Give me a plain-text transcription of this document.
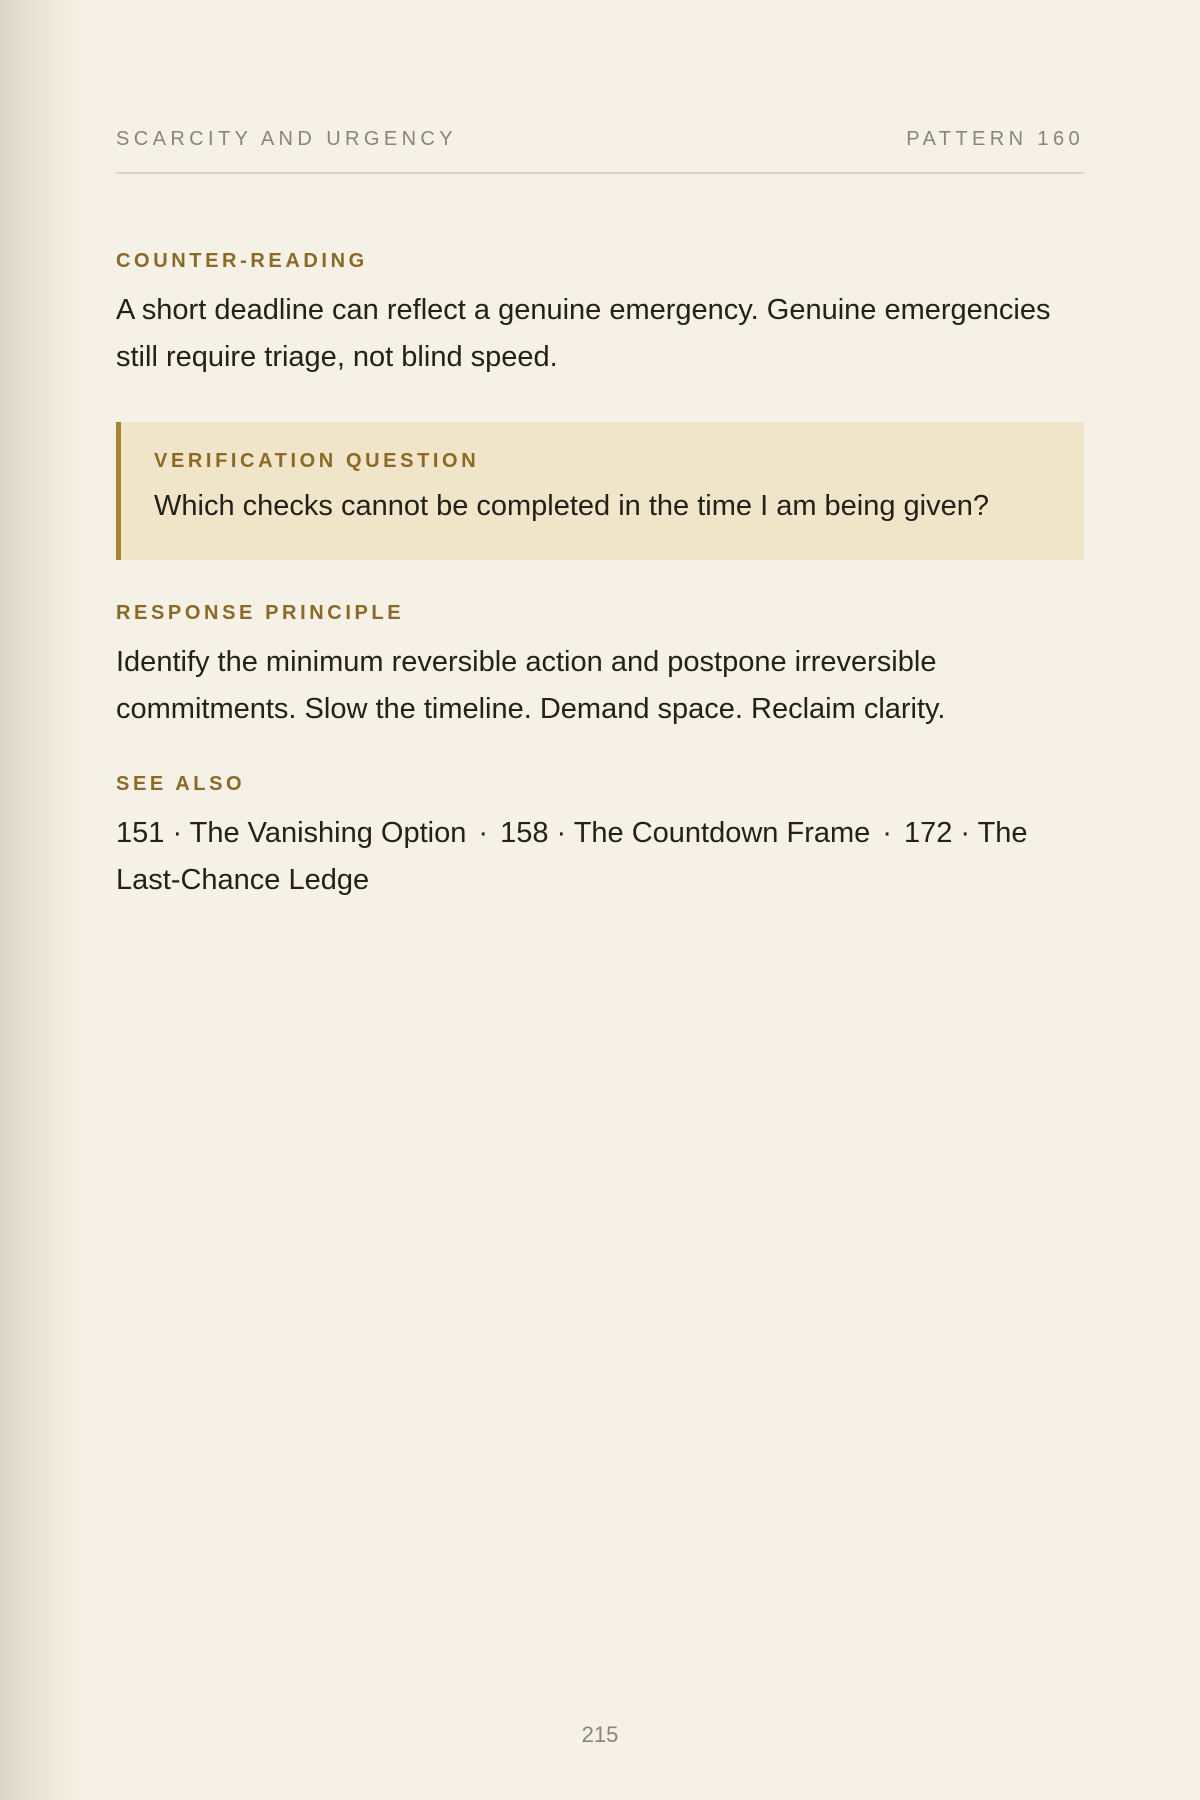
SCARCITY AND URGENCY	PATTERN 160
COUNTER-READING
A short deadline can reflect a genuine emergency. Genuine emergencies still require triage, not blind speed.
VERIFICATION QUESTION
Which checks cannot be completed in the time I am being given?
RESPONSE PRINCIPLE
Identify the minimum reversible action and postpone irreversible commitments. Slow the timeline. Demand space. Reclaim clarity.
SEE ALSO
151 · The Vanishing Option · 158 · The Countdown Frame · 172 · The Last-Chance Ledge
215
